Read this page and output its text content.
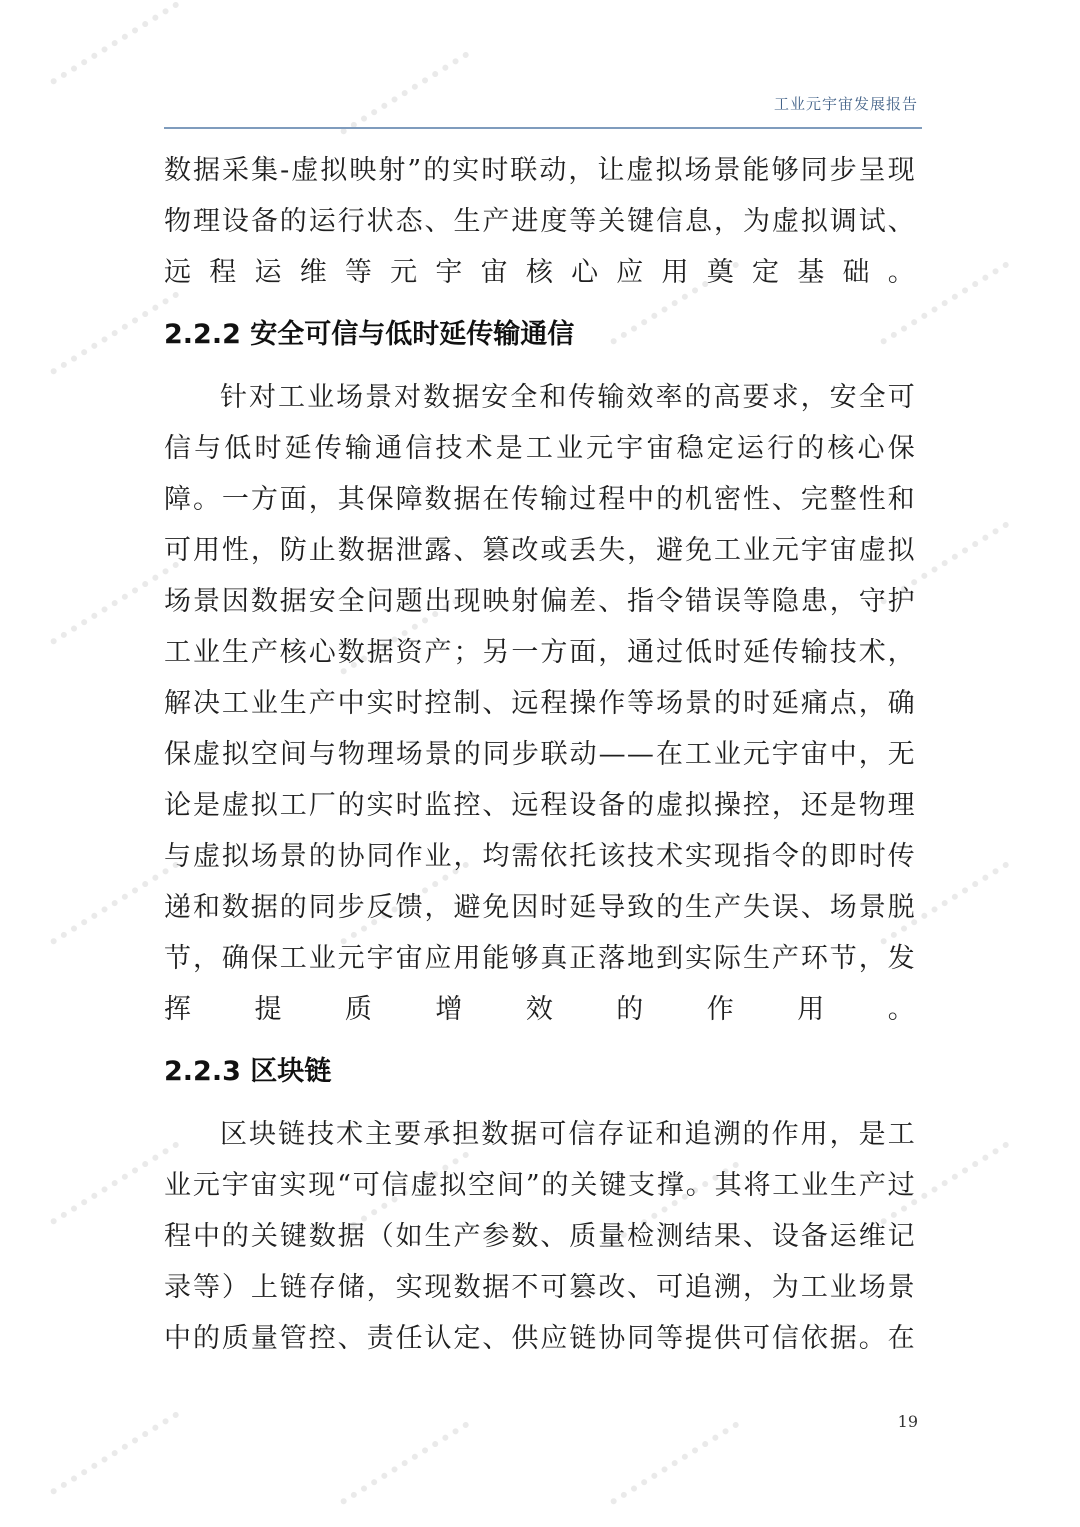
工业元宇宙发展报告

数据采集-虚拟映射”的实时联动，让虚拟场景能够同步呈现物理设备的运行状态、生产进度等关键信息，为虚拟调试、远程运维等元宇宙核心应用奠定基础。

2.2.2 安全可信与低时延传输通信

针对工业场景对数据安全和传输效率的高要求，安全可信与低时延传输通信技术是工业元宇宙稳定运行的核心保障。一方面，其保障数据在传输过程中的机密性、完整性和可用性，防止数据泄露、篡改或丢失，避免工业元宇宙虚拟场景因数据安全问题出现映射偏差、指令错误等隐患，守护工业生产核心数据资产；另一方面，通过低时延传输技术，解决工业生产中实时控制、远程操作等场景的时延痛点，确保虚拟空间与物理场景的同步联动——在工业元宇宙中，无论是虚拟工厂的实时监控、远程设备的虚拟操控，还是物理与虚拟场景的协同作业，均需依托该技术实现指令的即时传递和数据的同步反馈，避免因时延导致的生产失误、场景脱节，确保工业元宇宙应用能够真正落地到实际生产环节，发挥提质增效的作用。

2.2.3 区块链

区块链技术主要承担数据可信存证和追溯的作用，是工业元宇宙实现“可信虚拟空间”的关键支撑。其将工业生产过程中的关键数据（如生产参数、质量检测结果、设备运维记录等）上链存储，实现数据不可篡改、可追溯，为工业场景中的质量管控、责任认定、供应链协同等提供可信依据。在

19
